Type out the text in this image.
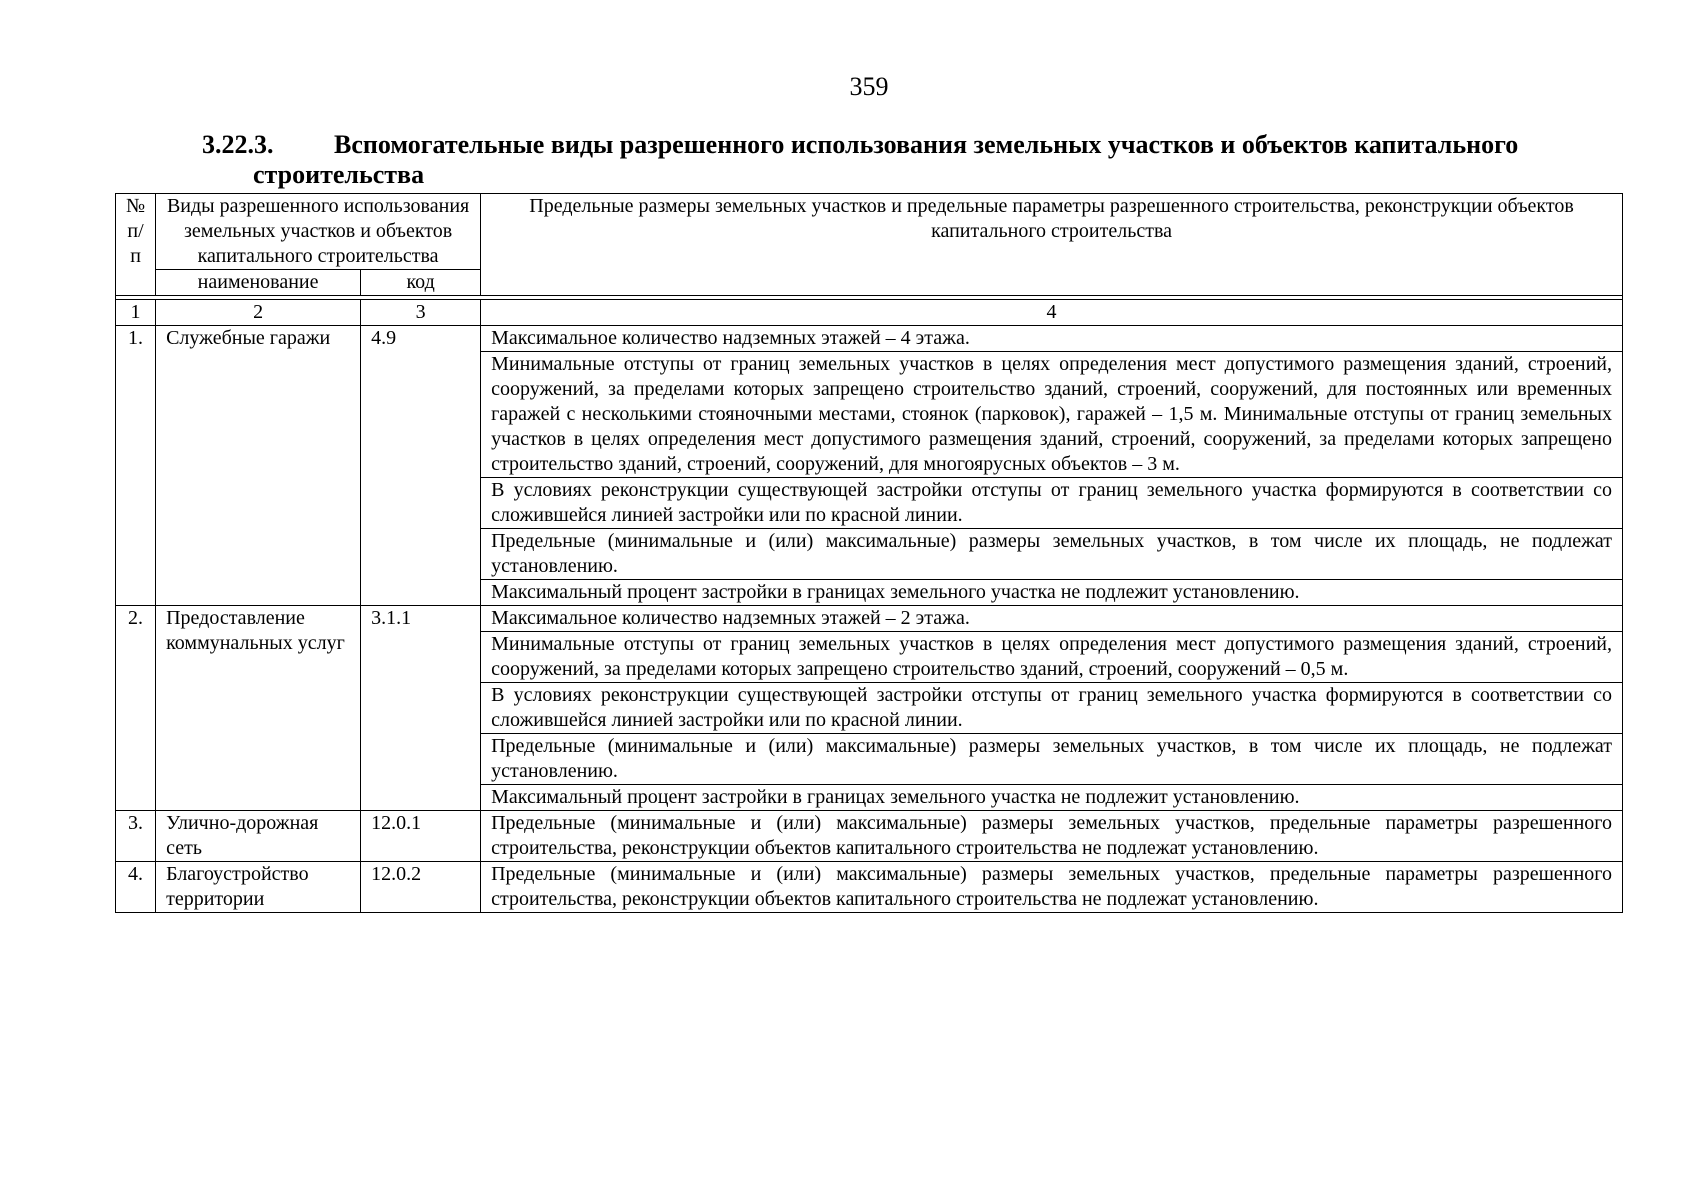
359
3.22.3. Вспомогательные виды разрешенного использования земельных участков и объектов капитального
строительства
№ п/п	Виды разрешенного использования земельных участков и объектов капитального строительства		Предельные размеры земельных участков и предельные параметры разрешенного строительства, реконструкции объектов капитального строительства
	наименование	код	

1	2	3	4
1.	Служебные гаражи	4.9	Максимальное количество надземных этажей – 4 этажа.
			Минимальные отступы от границ земельных участков в целях определения мест допустимого размещения зданий, строений, сооружений, за пределами которых запрещено строительство зданий, строений, сооружений, для постоянных или временных гаражей с несколькими стояночными местами, стоянок (парковок), гаражей – 1,5 м. Минимальные отступы от границ земельных участков в целях определения мест допустимого размещения зданий, строений, сооружений, за пределами которых запрещено строительство зданий, строений, сооружений, для многоярусных объектов – 3 м.
			В условиях реконструкции существующей застройки отступы от границ земельного участка формируются в соответствии со сложившейся линией застройки или по красной линии.
			Предельные (минимальные и (или) максимальные) размеры земельных участков, в том числе их площадь, не подлежат установлению.
			Максимальный процент застройки в границах земельного участка не подлежит установлению.
2.	Предоставление коммунальных услуг	3.1.1	Максимальное количество надземных этажей – 2 этажа.
			Минимальные отступы от границ земельных участков в целях определения мест допустимого размещения зданий, строений, сооружений, за пределами которых запрещено строительство зданий, строений, сооружений – 0,5 м.
			В условиях реконструкции существующей застройки отступы от границ земельного участка формируются в соответствии со сложившейся линией застройки или по красной линии.
			Предельные (минимальные и (или) максимальные) размеры земельных участков, в том числе их площадь, не подлежат установлению.
			Максимальный процент застройки в границах земельного участка не подлежит установлению.
3.	Улично-дорожная сеть	12.0.1	Предельные (минимальные и (или) максимальные) размеры земельных участков, предельные параметры разрешенного строительства, реконструкции объектов капитального строительства не подлежат установлению.
4.	Благоустройство территории	12.0.2	Предельные (минимальные и (или) максимальные) размеры земельных участков, предельные параметры разрешенного строительства, реконструкции объектов капитального строительства не подлежат установлению.
